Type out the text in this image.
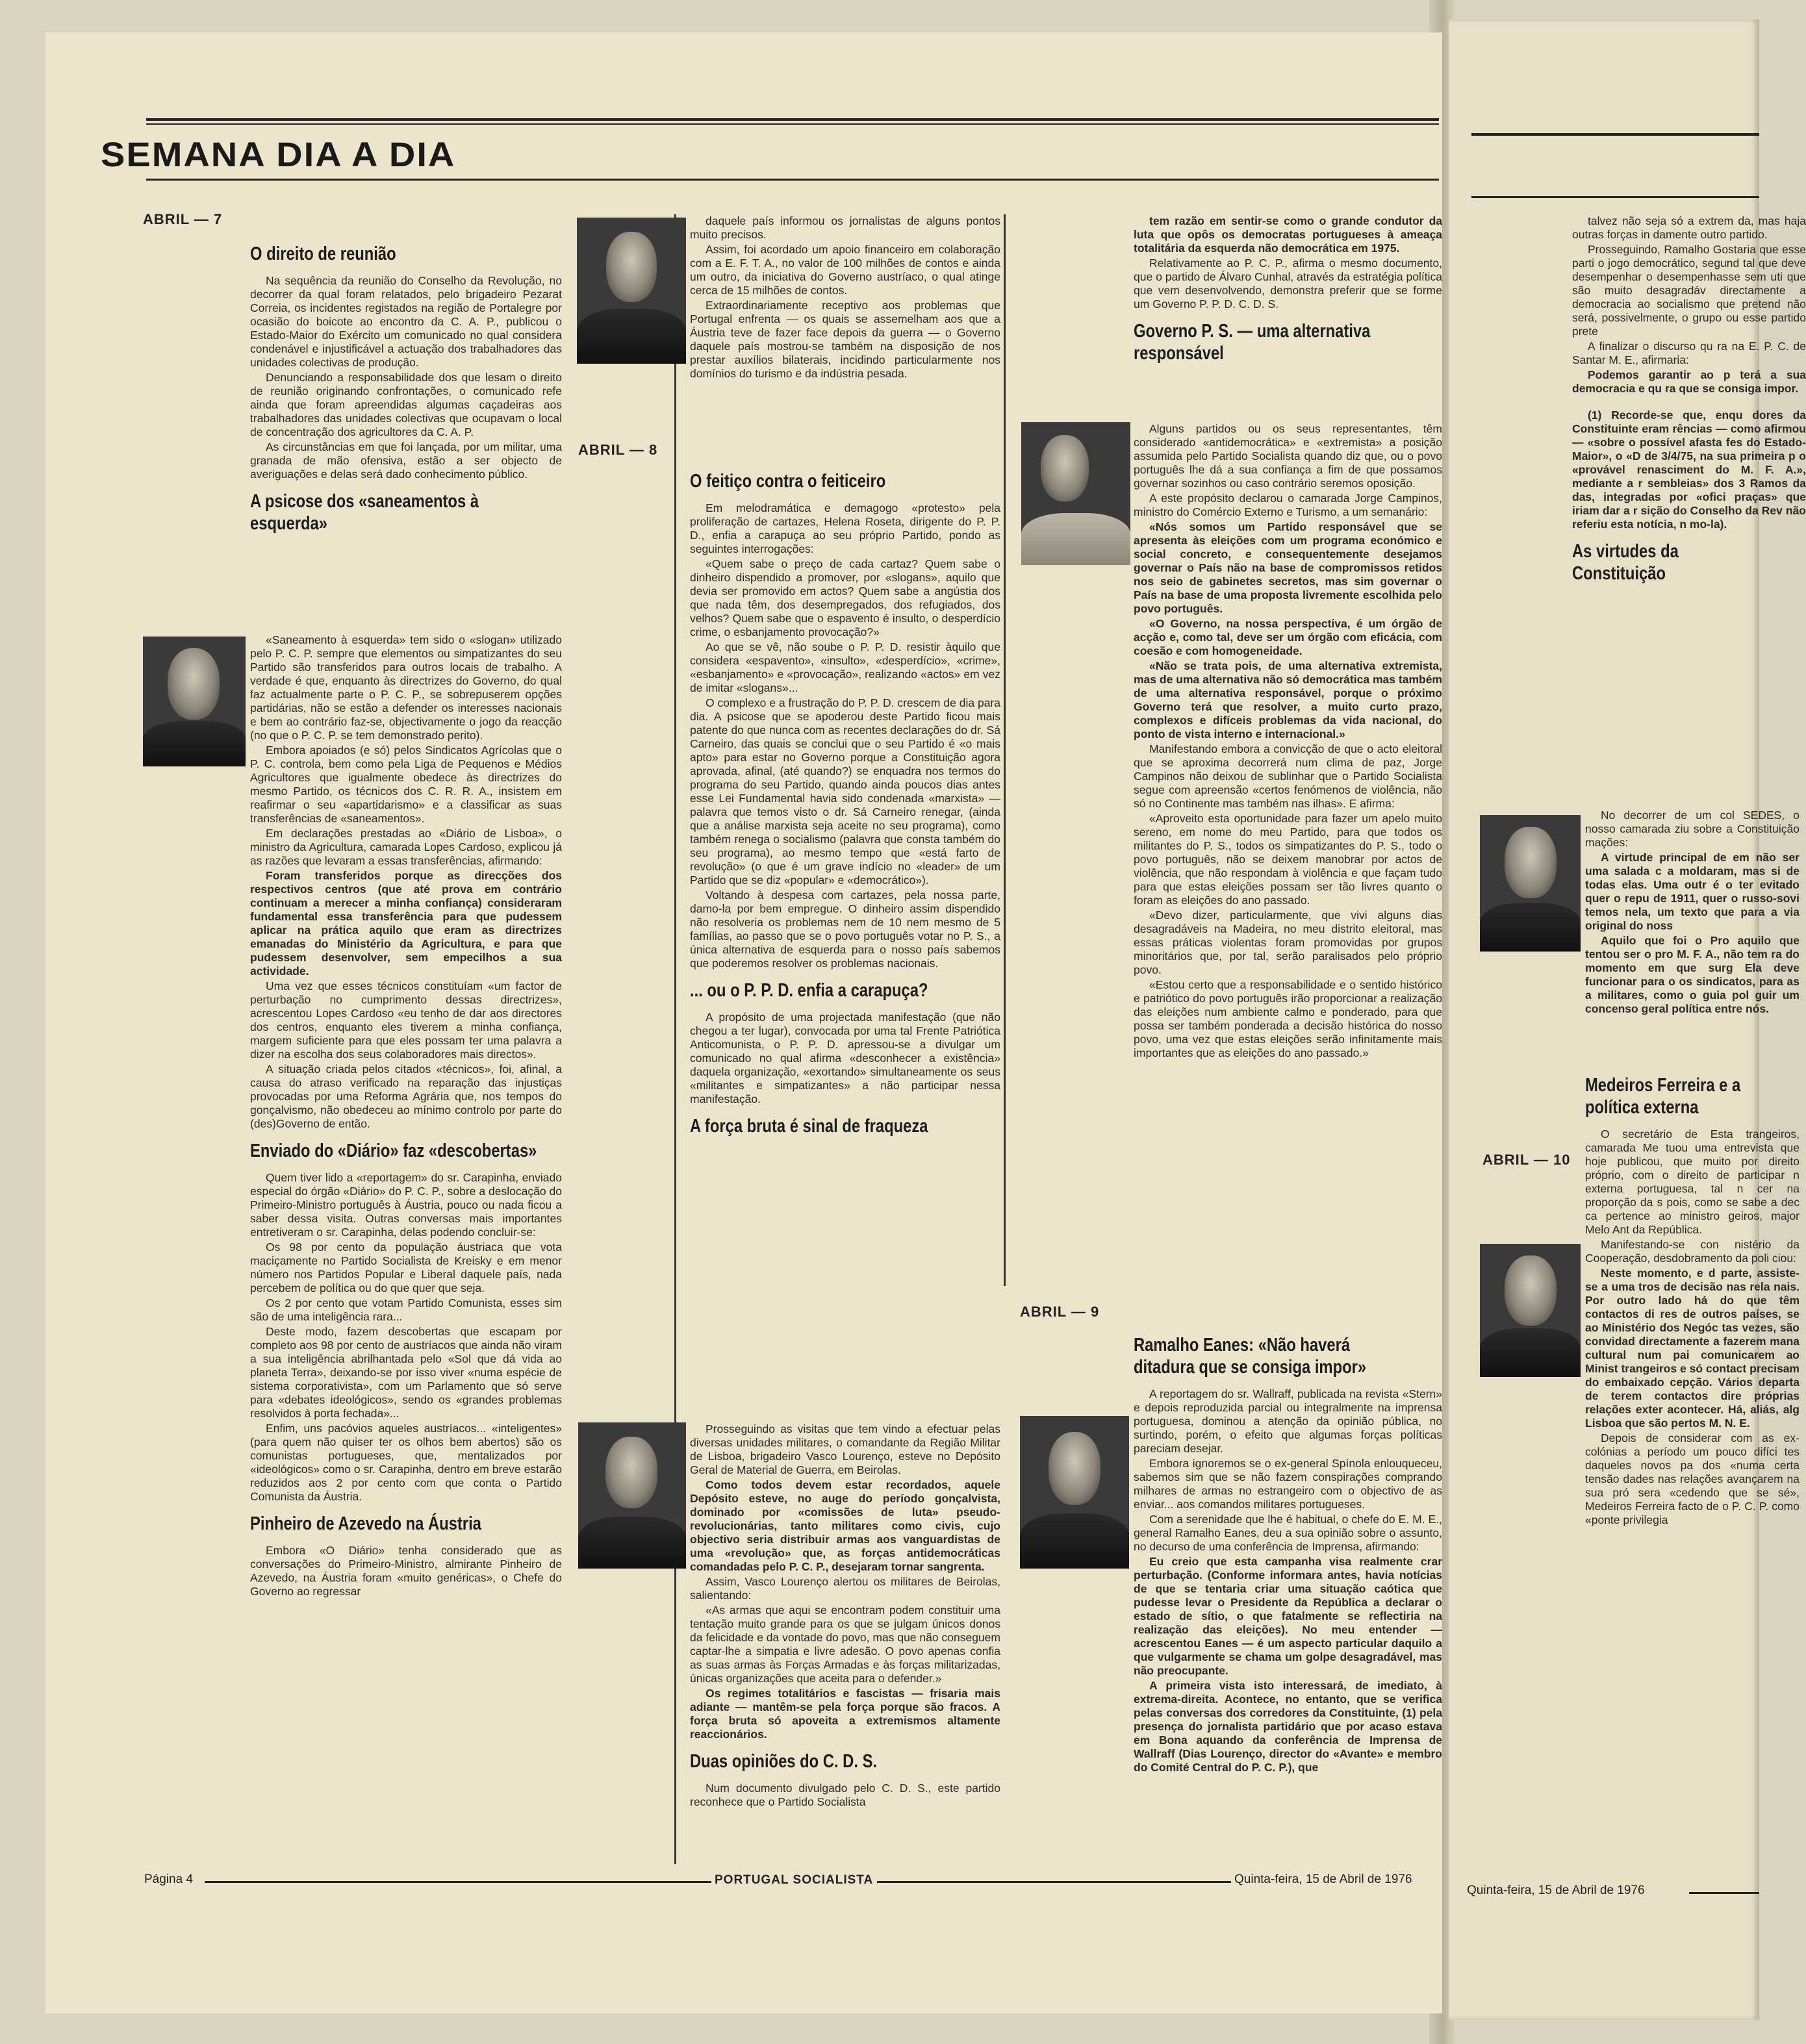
SEMANA DIA A DIA
ABRIL — 7
ABRIL — 8
ABRIL — 9
ABRIL — 10
O direito de reunião

Na sequência da reunião do Conselho da Revolução, no decorrer da qual foram relatados, pelo brigadeiro Pezarat Correia, os incidentes registados na região de Portalegre por ocasião do boicote ao encontro da C. A. P., publicou o Estado-Maior do Exército um comunicado no qual considera condenável e injustificável a actuação dos trabalhadores das unidades colectivas de produção.

Denunciando a responsabilidade dos que lesam o direito de reunião originando confrontações, o comunicado refe ainda que foram apreendidas algumas caçadeiras aos trabalhadores das unidades colectivas que ocupavam o local de concentração dos agricultores da C. A. P.

As circunstâncias em que foi lançada, por um militar, uma granada de mão ofensiva, estão a ser objecto de averiguações e delas será dado conhecimento público.

A psicose dos «saneamentos à esquerda»

«Saneamento à esquerda» tem sido o «slogan» utilizado pelo P. C. P. sempre que elementos ou simpatizantes do seu Partido são transferidos para outros locais de trabalho. A verdade é que, enquanto às directrizes do Governo, do qual faz actualmente parte o P. C. P., se sobrepuserem opções partidárias, não se estão a defender os interesses nacionais e bem ao contrário faz-se, objectivamente o jogo da reacção (no que o P. C. P. se tem demonstrado perito).

Embora apoiados (e só) pelos Sindicatos Agrícolas que o P. C. controla, bem como pela Liga de Pequenos e Médios Agricultores que igualmente obedece às directrizes do mesmo Partido, os técnicos dos C. R. R. A., insistem em reafirmar o seu «apartidarismo» e a classificar as suas transferências de «saneamentos».

Em declarações prestadas ao «Diário de Lisboa», o ministro da Agricultura, camarada Lopes Cardoso, explicou já as razões que levaram a essas transferências, afirmando:

Foram transferidos porque as direcções dos respectivos centros (que até prova em contrário continuam a merecer a minha confiança) consideraram fundamental essa transferência para que pudessem aplicar na prática aquilo que eram as directrizes emanadas do Ministério da Agricultura, e para que pudessem desenvolver, sem empecilhos a sua actividade.

Uma vez que esses técnicos constituíam «um factor de perturbação no cumprimento dessas directrizes», acrescentou Lopes Cardoso «eu tenho de dar aos directores dos centros, enquanto eles tiverem a minha confiança, margem suficiente para que eles possam ter uma palavra a dizer na escolha dos seus colaboradores mais directos».

A situação criada pelos citados «técnicos», foi, afinal, a causa do atraso verificado na reparação das injustiças provocadas por uma Reforma Agrária que, nos tempos do gonçalvismo, não obedeceu ao mínimo controlo por parte do (des)Governo de então.

Enviado do «Diário» faz «descobertas»

Quem tiver lido a «reportagem» do sr. Carapinha, enviado especial do órgão «Diário» do P. C. P., sobre a deslocação do Primeiro-Ministro português à Áustria, pouco ou nada ficou a saber dessa visita. Outras conversas mais importantes entretiveram o sr. Carapinha, delas podendo concluir-se:

Os 98 por cento da população áustriaca que vota maciçamente no Partido Socialista de Kreisky e em menor número nos Partidos Popular e Liberal daquele país, nada percebem de política ou do que quer que seja.

Os 2 por cento que votam Partido Comunista, esses sim são de uma inteligência rara...

Deste modo, fazem descobertas que escapam por completo aos 98 por cento de austríacos que ainda não viram a sua inteligência abrilhantada pelo «Sol que dá vida ao planeta Terra», deixando-se por isso viver «numa espécie de sistema corporativista», com um Parlamento que só serve para «debates ideológicos», sendo os «grandes problemas resolvidos à porta fechada»...

Enfim, uns pacóvios aqueles austríacos... «inteligentes» (para quem não quiser ter os olhos bem abertos) são os comunistas portugueses, que, mentalizados por «ideológicos» como o sr. Carapinha, dentro em breve estarão reduzidos aos 2 por cento com que conta o Partido Comunista da Áustria.

Pinheiro de Azevedo na Áustria

Embora «O Diário» tenha considerado que as conversações do Primeiro-Ministro, almirante Pinheiro de Azevedo, na Áustria foram «muito genéricas», o Chefe do Governo ao regressar

daquele país informou os jornalistas de alguns pontos muito precisos.

Assim, foi acordado um apoio financeiro em colaboração com a E. F. T. A., no valor de 100 milhões de contos e ainda um outro, da iniciativa do Governo austríaco, o qual atinge cerca de 15 milhões de contos.

Extraordinariamente receptivo aos problemas que Portugal enfrenta — os quais se assemelham aos que a Áustria teve de fazer face depois da guerra — o Governo daquele país mostrou-se também na disposição de nos prestar auxílios bilaterais, incidindo particularmente nos domínios do turismo e da indústria pesada.

O feitiço contra o feiticeiro

Em melodramática e demagogo «protesto» pela proliferação de cartazes, Helena Roseta, dirigente do P. P. D., enfia a carapuça ao seu próprio Partido, pondo as seguintes interrogações:

«Quem sabe o preço de cada cartaz? Quem sabe o dinheiro dispendido a promover, por «slogans», aquilo que devia ser promovido em actos? Quem sabe a angústia dos que nada têm, dos desempregados, dos refugiados, dos velhos? Quem sabe que o espavento é insulto, o desperdício crime, o esbanjamento provocação?»

Ao que se vê, não soube o P. P. D. resistir àquilo que considera «espavento», «insulto», «desperdício», «crime», «esbanjamento» e «provocação», realizando «actos» em vez de imitar «slogans»...

O complexo e a frustração do P. P. D. crescem de dia para dia. A psicose que se apoderou deste Partido ficou mais patente do que nunca com as recentes declarações do dr. Sá Carneiro, das quais se conclui que o seu Partido é «o mais apto» para estar no Governo porque a Constituição agora aprovada, afinal, (até quando?) se enquadra nos termos do programa do seu Partido, quando ainda poucos dias antes esse Lei Fundamental havia sido condenada «marxista» — palavra que temos visto o dr. Sá Carneiro renegar, (ainda que a análise marxista seja aceite no seu programa), como também renega o socialismo (palavra que consta também do seu programa), ao mesmo tempo que «está farto de revolução» (o que é um grave indício no «leader» de um Partido que se diz «popular» e «democrático»).

Voltando à despesa com cartazes, pela nossa parte, damo-la por bem empregue. O dinheiro assim dispendido não resolveria os problemas nem de 10 nem mesmo de 5 famílias, ao passo que se o povo português votar no P. S., a única alternativa de esquerda para o nosso país sabemos que poderemos resolver os problemas nacionais.

... ou o P. P. D. enfia a carapuça?

A propósito de uma projectada manifestação (que não chegou a ter lugar), convocada por uma tal Frente Patriótica Anticomunista, o P. P. D. apressou-se a divulgar um comunicado no qual afirma «desconhecer a existência» daquela organização, «exortando» simultaneamente os seus «militantes e simpatizantes» a não participar nessa manifestação.

A força bruta é sinal de fraqueza

Prosseguindo as visitas que tem vindo a efectuar pelas diversas unidades militares, o comandante da Região Militar de Lisboa, brigadeiro Vasco Lourenço, esteve no Depósito Geral de Material de Guerra, em Beirolas.

Como todos devem estar recordados, aquele Depósito esteve, no auge do período gonçalvista, dominado por «comissões de luta» pseudo-revolucionárias, tanto militares como civis, cujo objectivo seria distribuir armas aos vanguardistas de uma «revolução» que, as forças antidemocráticas comandadas pelo P. C. P., desejaram tornar sangrenta.

Assim, Vasco Lourenço alertou os militares de Beirolas, salientando:

«As armas que aqui se encontram podem constituir uma tentação muito grande para os que se julgam únicos donos da felicidade e da vontade do povo, mas que não conseguem captar-lhe a simpatia e livre adesão. O povo apenas confia as suas armas às Forças Armadas e às forças militarizadas, únicas organizações que aceita para o defender.»

Os regimes totalitários e fascistas — frisaria mais adiante — mantêm-se pela força porque são fracos. A força bruta só apoveita a extremismos altamente reaccionários.

Duas opiniões do C. D. S.

Num documento divulgado pelo C. D. S., este partido reconhece que o Partido Socialista

tem razão em sentir-se como o grande condutor da luta que opôs os democratas portugueses à ameaça totalitária da esquerda não democrática em 1975.

Relativamente ao P. C. P., afirma o mesmo documento, que o partido de Álvaro Cunhal, através da estratégia política que vem desenvolvendo, demonstra preferir que se forme um Governo P. P. D. C. D. S.

Governo P. S. — uma alternativa responsável

Alguns partidos ou os seus representantes, têm considerado «antidemocrática» e «extremista» a posição assumida pelo Partido Socialista quando diz que, ou o povo português lhe dá a sua confiança a fim de que possamos governar sozinhos ou caso contrário seremos oposição.

A este propósito declarou o camarada Jorge Campinos, ministro do Comércio Externo e Turismo, a um semanário:

«Nós somos um Partido responsável que se apresenta às eleições com um programa económico e social concreto, e consequentemente desejamos governar o País não na base de compromissos retidos nos seio de gabinetes secretos, mas sim governar o País na base de uma proposta livremente escolhida pelo povo português.

«O Governo, na nossa perspectiva, é um órgão de acção e, como tal, deve ser um órgão com eficácia, com coesão e com homogeneidade.

«Não se trata pois, de uma alternativa extremista, mas de uma alternativa não só democrática mas também de uma alternativa responsável, porque o próximo Governo terá que resolver, a muito curto prazo, complexos e difíceis problemas da vida nacional, do ponto de vista interno e internacional.»

Manifestando embora a convicção de que o acto eleitoral que se aproxima decorrerá num clima de paz, Jorge Campinos não deixou de sublinhar que o Partido Socialista segue com apreensão «certos fenómenos de violência, não só no Continente mas também nas ilhas». E afirma:

«Aproveito esta oportunidade para fazer um apelo muito sereno, em nome do meu Partido, para que todos os militantes do P. S., todos os simpatizantes do P. S., todo o povo português, não se deixem manobrar por actos de violência, que não respondam à violência e que façam tudo para que estas eleições possam ser tão livres quanto o foram as eleições do ano passado.

«Devo dizer, particularmente, que vivi alguns dias desagradáveis na Madeira, no meu distrito eleitoral, mas essas práticas violentas foram promovidas por grupos minoritários que, por tal, serão paralisados pelo próprio povo.

«Estou certo que a responsabilidade e o sentido histórico e patriótico do povo português irão proporcionar a realização das eleições num ambiente calmo e ponderado, para que possa ser também ponderada a decisão histórica do nosso povo, uma vez que estas eleições serão infinitamente mais importantes que as eleições do ano passado.»

Ramalho Eanes: «Não haverá ditadura que se consiga impor»

A reportagem do sr. Wallraff, publicada na revista «Stern» e depois reproduzida parcial ou integralmente na imprensa portuguesa, dominou a atenção da opinião pública, no surtindo, porém, o efeito que algumas forças políticas pareciam desejar.

Embora ignoremos se o ex-general Spínola enlouqueceu, sabemos sim que se não fazem conspirações comprando milhares de armas no estrangeiro com o objectivo de as enviar... aos comandos militares portugueses.

Com a serenidade que lhe é habitual, o chefe do E. M. E., general Ramalho Eanes, deu a sua opinião sobre o assunto, no decurso de uma conferência de Imprensa, afirmando:

Eu creio que esta campanha visa realmente crar perturbação. (Conforme informara antes, havia notícias de que se tentaria criar uma situação caótica que pudesse levar o Presidente da República a declarar o estado de sítio, o que fatalmente se reflectiria na realização das eleições). No meu entender — acrescentou Eanes — é um aspecto particular daquilo a que vulgarmente se chama um golpe desagradável, mas não preocupante.

A primeira vista isto interessará, de imediato, à extrema-direita. Acontece, no entanto, que se verifica pelas conversas dos corredores da Constituinte, (1) pela presença do jornalista partidário que por acaso estava em Bona aquando da conferência de Imprensa de Wallraff (Dias Lourenço, director do «Avante» e membro do Comité Central do P. C. P.), que

talvez não seja só a extrem da, mas haja outras forças in damente outro partido.

Prosseguindo, Ramalho Gostaria que esse parti o jogo democrático, segund tal que deve desempenhar o desempenhasse sem uti que são muito desagradáv directamente a democracia ao socialismo que pretend não será, possivelmente, o grupo ou esse partido prete

A finalizar o discurso qu ra na E. P. C. de Santar M. E., afirmaria:

Podemos garantir ao p terá a sua democracia e qu ra que se consiga impor.

(1) Recorde-se que, enqu dores da Constituinte eram rências — como afirmou — «sobre o possível afasta fes do Estado-Maior», o «D de 3/4/75, na sua primeira p o «provável renasciment do M. F. A.», mediante a r sembleias» dos 3 Ramos da das, integradas por «ofici praças» que iriam dar a r sição do Conselho da Rev não referiu esta notícia, n mo-la).

As virtudes da Constituição

No decorrer de um col SEDES, o nosso camarada ziu sobre a Constituição mações:

A virtude principal de em não ser uma salada c a moldaram, mas si de todas elas. Uma outr é o ter evitado quer o repu de 1911, quer o russo-sovi temos nela, um texto que para a via original do noss

Aquilo que foi o Pro aquilo que tentou ser o pro M. F. A., não tem ra do momento em que surg Ela deve funcionar para o os sindicatos, para as a militares, como o guia pol guir um concenso geral política entre nós.

Medeiros Ferreira e a política externa

O secretário de Esta trangeiros, camarada Me tuou uma entrevista que hoje publicou, que muito por direito próprio, com o direito de participar n externa portuguesa, tal n cer na proporção da s pois, como se sabe a dec ca pertence ao ministro geiros, major Melo Ant da República.

Manifestando-se con nistério da Cooperação, desdobramento da poli ciou:

Neste momento, e d parte, assiste-se a uma tros de decisão nas rela nais. Por outro lado há do que têm contactos di res de outros países, se ao Ministério dos Negóc tas vezes, são convidad directamente a fazerem mana cultural num pai comunicarem ao Minist trangeiros e só contact precisam do embaixado cepção. Vários departa de terem contactos dire próprias relações exter acontecer. Há, aliás, alg Lisboa que são pertos M. N. E.

Depois de considerar com as ex-colónias a período um pouco difíci tes daqueles novos pa dos «numa certa tensão dades nas relações avançarem na sua pró sera «cedendo que se sé», Medeiros Ferreira facto de o P. C. P. como «ponte privilegia

Página 4	PORTUGAL SOCIALISTA	Quinta-feira, 15 de Abril de 1976
Quinta-feira, 15 de Abril de 1976
